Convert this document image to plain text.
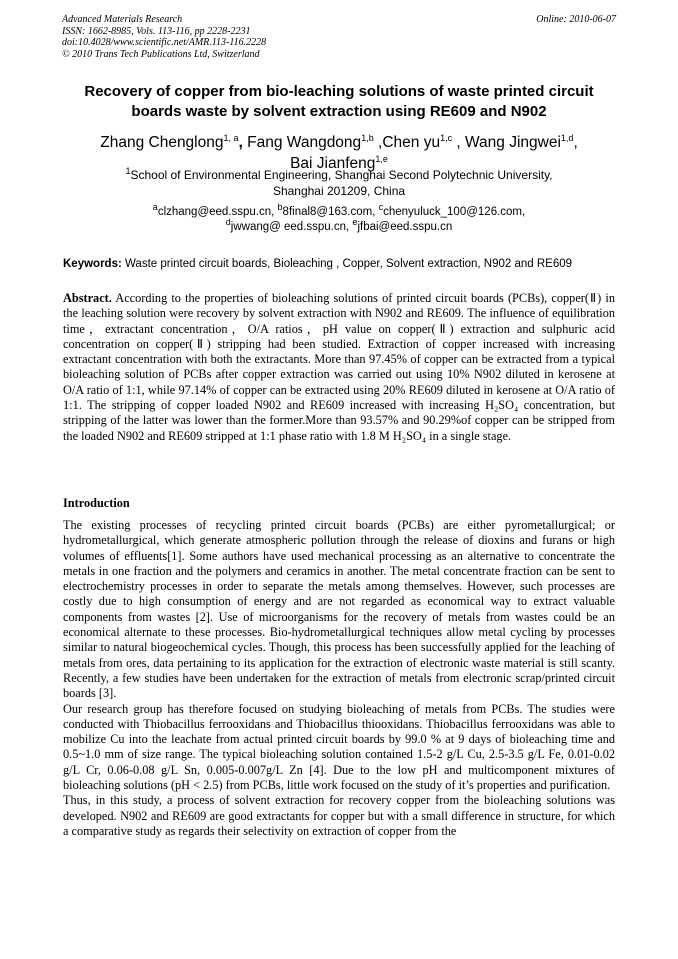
Advanced Materials Research
ISSN: 1662-8985, Vols. 113-116, pp 2228-2231
doi:10.4028/www.scientific.net/AMR.113-116.2228
© 2010 Trans Tech Publications Ltd, Switzerland
Online: 2010-06-07
Recovery of copper from bio-leaching solutions of waste printed circuit
boards waste by solvent extraction using RE609 and N902
Zhang Chenglong$^{1, a}$, Fang Wangdong$^{1,b}$ ,Chen yu$^{1,c}$ , Wang Jingwei$^{1,d}$,
Bai Jianfeng$^{1,e}$
$^1$School of Environmental Engineering, Shanghai Second Polytechnic University,
Shanghai 201209, China
$^a$clzhang@eed.sspu.cn, $^b$8final8@163.com, $^c$chenyuluck_100@126.com,
$^d$jwwang@ eed.sspu.cn, $^e$jfbai@eed.sspu.cn
Keywords: Waste printed circuit boards, Bioleaching , Copper, Solvent extraction, N902 and RE609

Abstract. According to the properties of bioleaching solutions of printed circuit boards (PCBs), copper(Ⅱ) in the leaching solution were recovery by solvent extraction with N902 and RE609. The influence of equilibration time，extractant concentration，O/A ratios，pH value on copper(Ⅱ) extraction and sulphuric acid concentration on copper(Ⅱ) stripping had been studied. Extraction of copper increased with increasing extractant concentration with both the extractants. More than 97.45% of copper can be extracted from a typical bioleaching solution of PCBs after copper extraction was carried out using 10% N902 diluted in kerosene at O/A ratio of 1:1, while 97.14% of copper can be extracted using 20% RE609 diluted in kerosene at O/A ratio of 1:1. The stripping of copper loaded N902 and RE609 increased with increasing H₂SO₄ concentration, but stripping of the latter was lower than the former.More than 93.57% and 90.29%of copper can be stripped from the loaded N902 and RE609 stripped at 1:1 phase ratio with 1.8 M H₂SO₄ in a single stage.

Introduction

The existing processes of recycling printed circuit boards (PCBs) are either pyrometallurgical; or hydrometallurgical, which generate atmospheric pollution through the release of dioxins and furans or high volumes of effluents[1]. Some authors have used mechanical processing as an alternative to concentrate the metals in one fraction and the polymers and ceramics in another. The metal concentrate fraction can be sent to electrochemistry processes in order to separate the metals among themselves. However, such processes are costly due to high consumption of energy and are not regarded as economical way to extract valuable components from wastes [2]. Use of microorganisms for the recovery of metals from wastes could be an economical alternate to these processes. Bio-hydrometallurgical techniques allow metal cycling by processes similar to natural biogeochemical cycles. Though, this process has been successfully applied for the leaching of metals from ores, data pertaining to its application for the extraction of electronic waste material is still scanty. Recently, a few studies have been undertaken for the extraction of metals from electronic scrap/printed circuit boards [3].

Our research group has therefore focused on studying bioleaching of metals from PCBs. The studies were conducted with Thiobacillus ferrooxidans and Thiobacillus thiooxidans. Thiobacillus ferrooxidans was able to mobilize Cu into the leachate from actual printed circuit boards by 99.0 % at 9 days of bioleaching time and 0.5~1.0 mm of size range. The typical bioleaching solution contained 1.5-2 g/L Cu, 2.5-3.5 g/L Fe, 0.01-0.02 g/L Cr, 0.06-0.08 g/L Sn, 0.005-0.007g/L Zn [4]. Due to the low pH and multicomponent mixtures of bioleaching solutions (pH < 2.5) from PCBs, little work focused on the study of it’s properties and purification.

Thus, in this study, a process of solvent extraction for recovery copper from the bioleaching solutions was developed. N902 and RE609 are good extractants for copper but with a small difference in structure, for which a comparative study as regards their selectivity on extraction of copper from the
